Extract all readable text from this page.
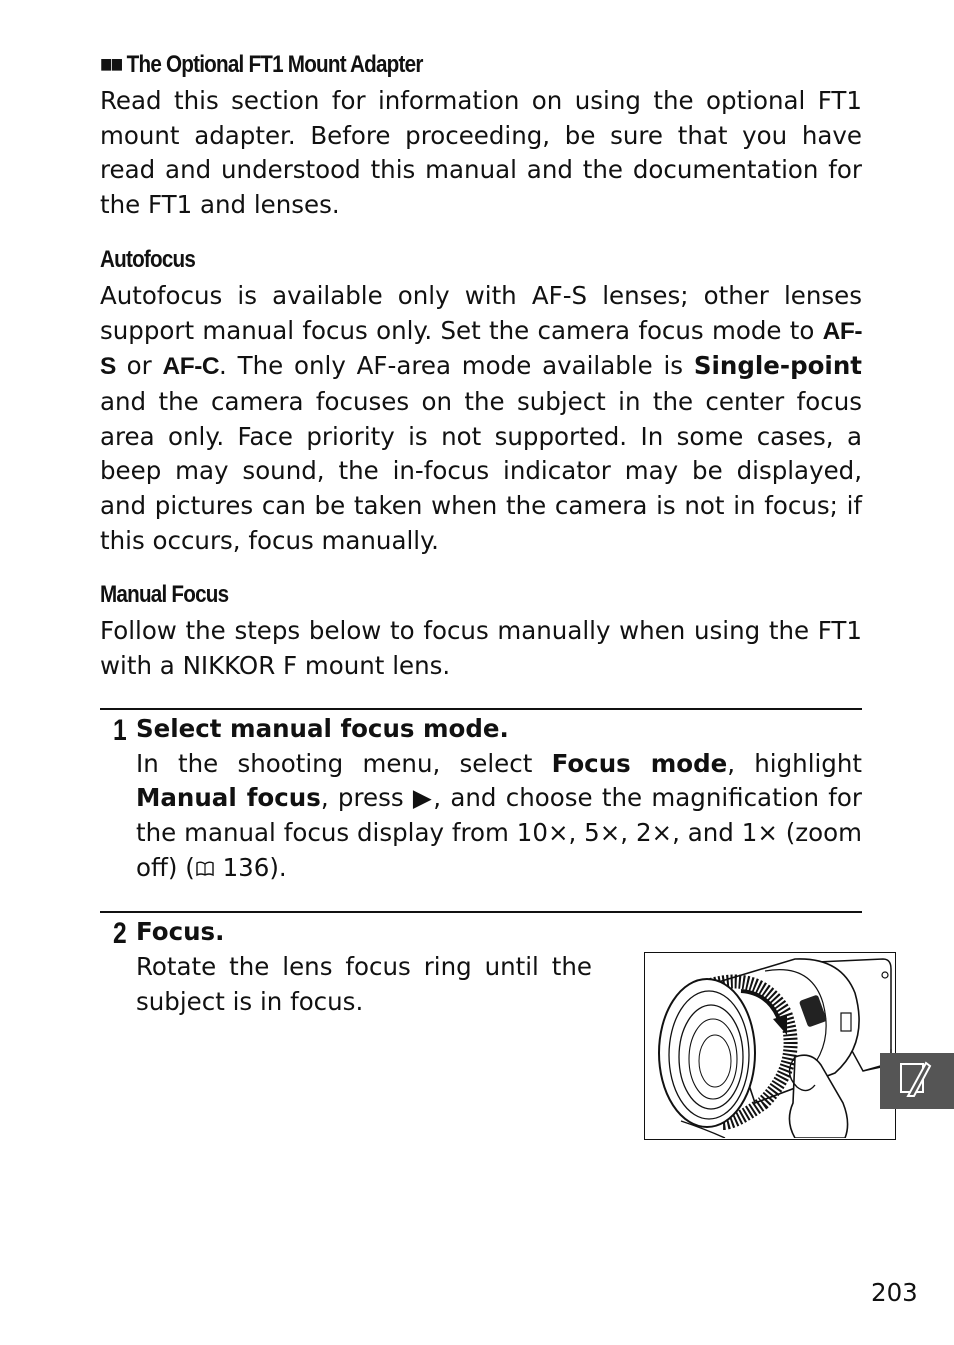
■■ The Optional FT1 Mount Adapter

Read this section for information on using the optional FT1 mount adapter. Before proceeding, be sure that you have read and understood this manual and the documentation for the FT1 and lenses.

Autofocus

Autofocus is available only with AF-S lenses; other lenses support manual focus only. Set the camera focus mode to AF-S or AF-C. The only AF-area mode available is Single-point and the camera focuses on the subject in the center focus area only. Face priority is not supported. In some cases, a beep may sound, the in-focus indicator may be displayed, and pictures can be taken when the camera is not in focus; if this occurs, focus manually.

Manual Focus

Follow the steps below to focus manually when using the FT1 with a NIKKOR F mount lens.

1 Select manual focus mode.

In the shooting menu, select Focus mode, highlight Manual focus, press ▶, and choose the magnification for the manual focus display from 10×, 5×, 2×, and 1× (zoom off) ( 136).

2 Focus.

Rotate the lens focus ring until the subject is in focus.

203
